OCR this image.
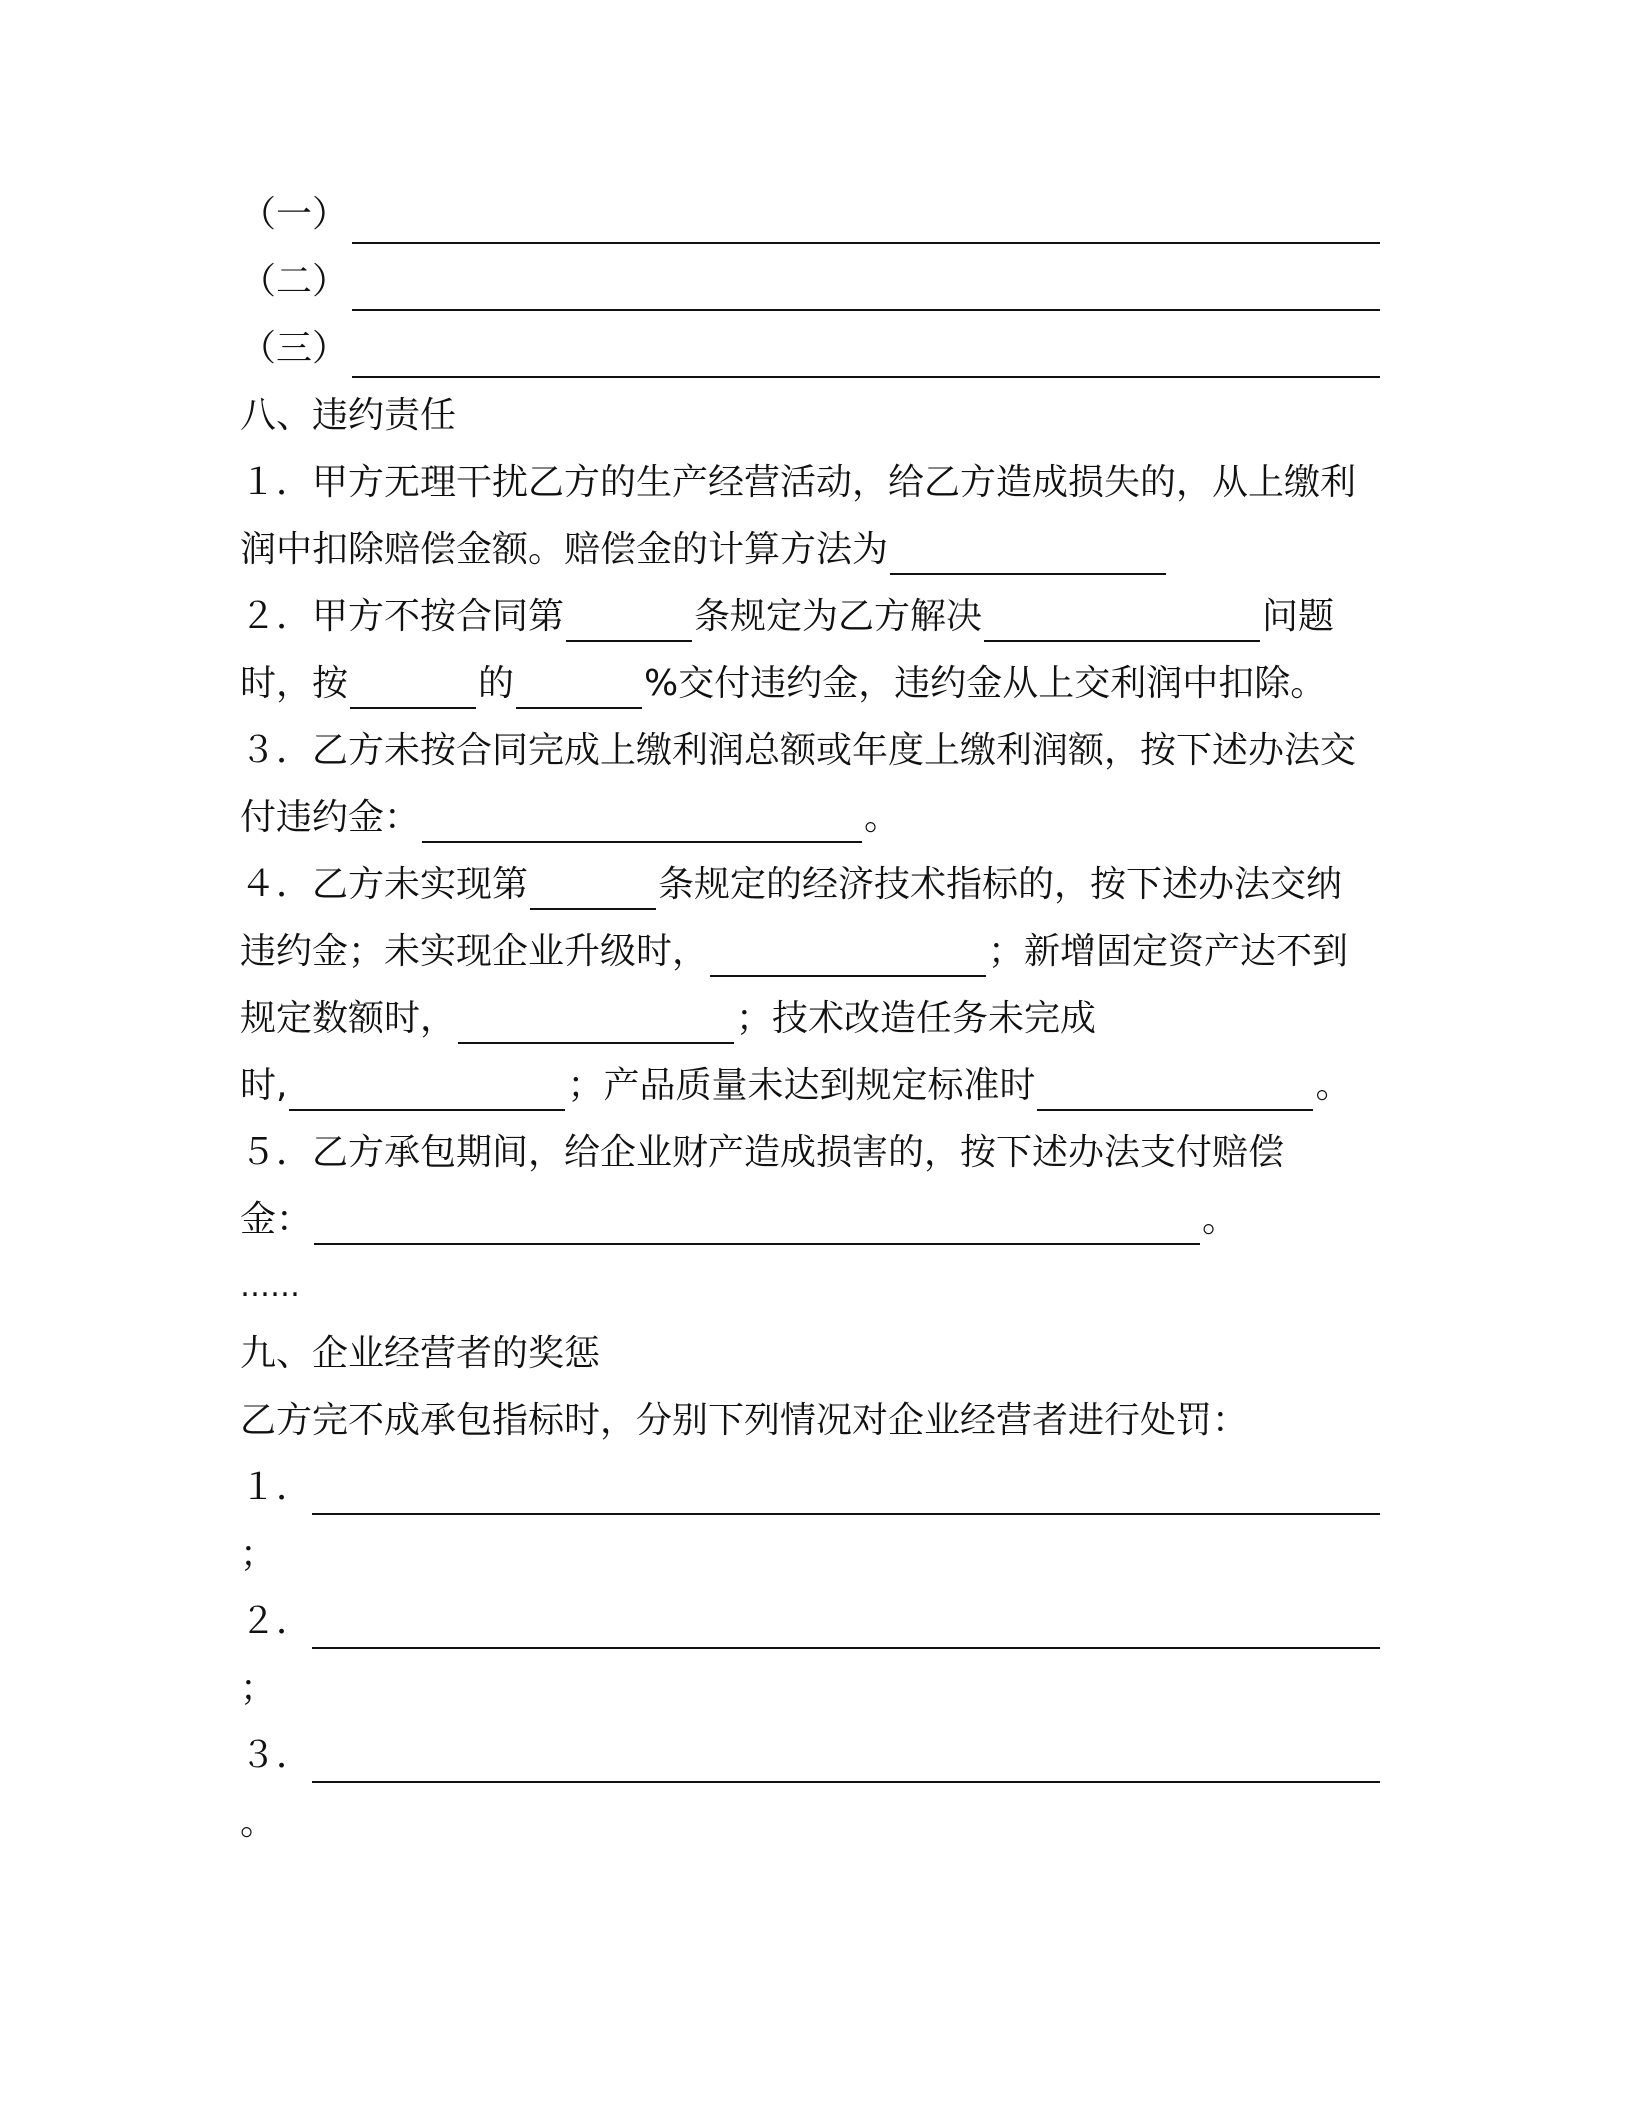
（一）
（二）
（三）
八、违约责任
１．甲方无理干扰乙方的生产经营活动，给乙方造成损失的，从上缴利
润中扣除赔偿金额。赔偿金的计算方法为
２．甲方不按合同第	条规定为乙方解决	问题
时，按	的	%交付违约金，违约金从上交利润中扣除。
３．乙方未按合同完成上缴利润总额或年度上缴利润额，按下述办法交
付违约金：	。
４．乙方未实现第	条规定的经济技术指标的，按下述办法交纳
违约金；未实现企业升级时，	；新增固定资产达不到
规定数额时，	；技术改造任务未完成
时,	；产品质量未达到规定标准时	。
５．乙方承包期间，给企业财产造成损害的，按下述办法支付赔偿
金：	。
……
九、企业经营者的奖惩
乙方完不成承包指标时，分别下列情况对企业经营者进行处罚：
１．
；
２．
；
３．
。
